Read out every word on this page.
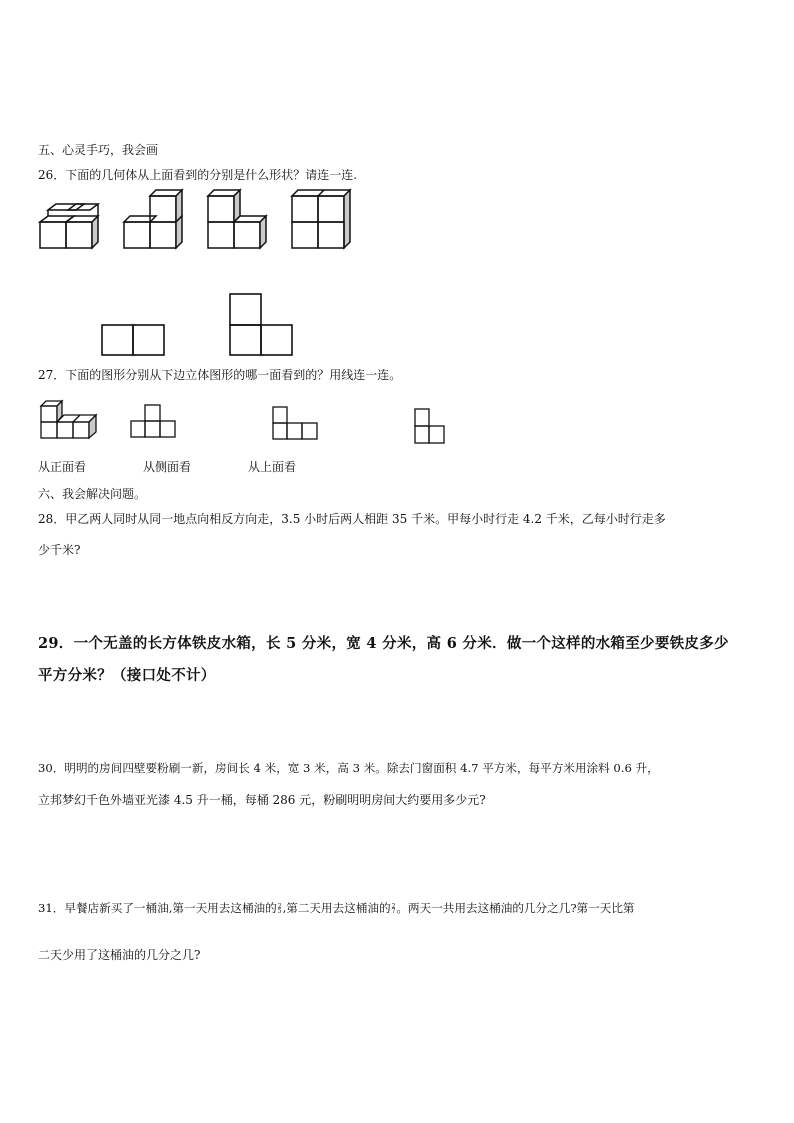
五、心灵手巧，我会画
26．下面的几何体从上面看到的分别是什么形状？请连一连.
27．下面的图形分别从下边立体图形的哪一面看到的？用线连一连。
从正面看	从侧面看	从上面看
六、我会解决问题。
28．甲乙两人同时从同一地点向相反方向走，3.5 小时后两人相距 35 千米。甲每小时行走 4.2 千米，乙每小时行走多
少千米?
29．一个无盖的长方体铁皮水箱，长 5 分米，宽 4 分米，高 6 分米．做一个这样的水箱至少要铁皮多少
平方分米？（接口处不计）
30．明明的房间四壁要粉刷一新，房间长 4 米，宽 3 米，高 3 米。除去门窗面积 4.7 平方米，每平方米用涂料 0.6 升，
立邦梦幻千色外墙亚光漆 4.5 升一桶，每桶 286 元，粉刷明明房间大约要用多少元?
31．早餐店新买了一桶油,第一天用去这桶油的 2
5 ,第二天用去这桶油的 2
7 。两天一共用去这桶油的几分之几?第一天比第
二天少用了这桶油的几分之几?
